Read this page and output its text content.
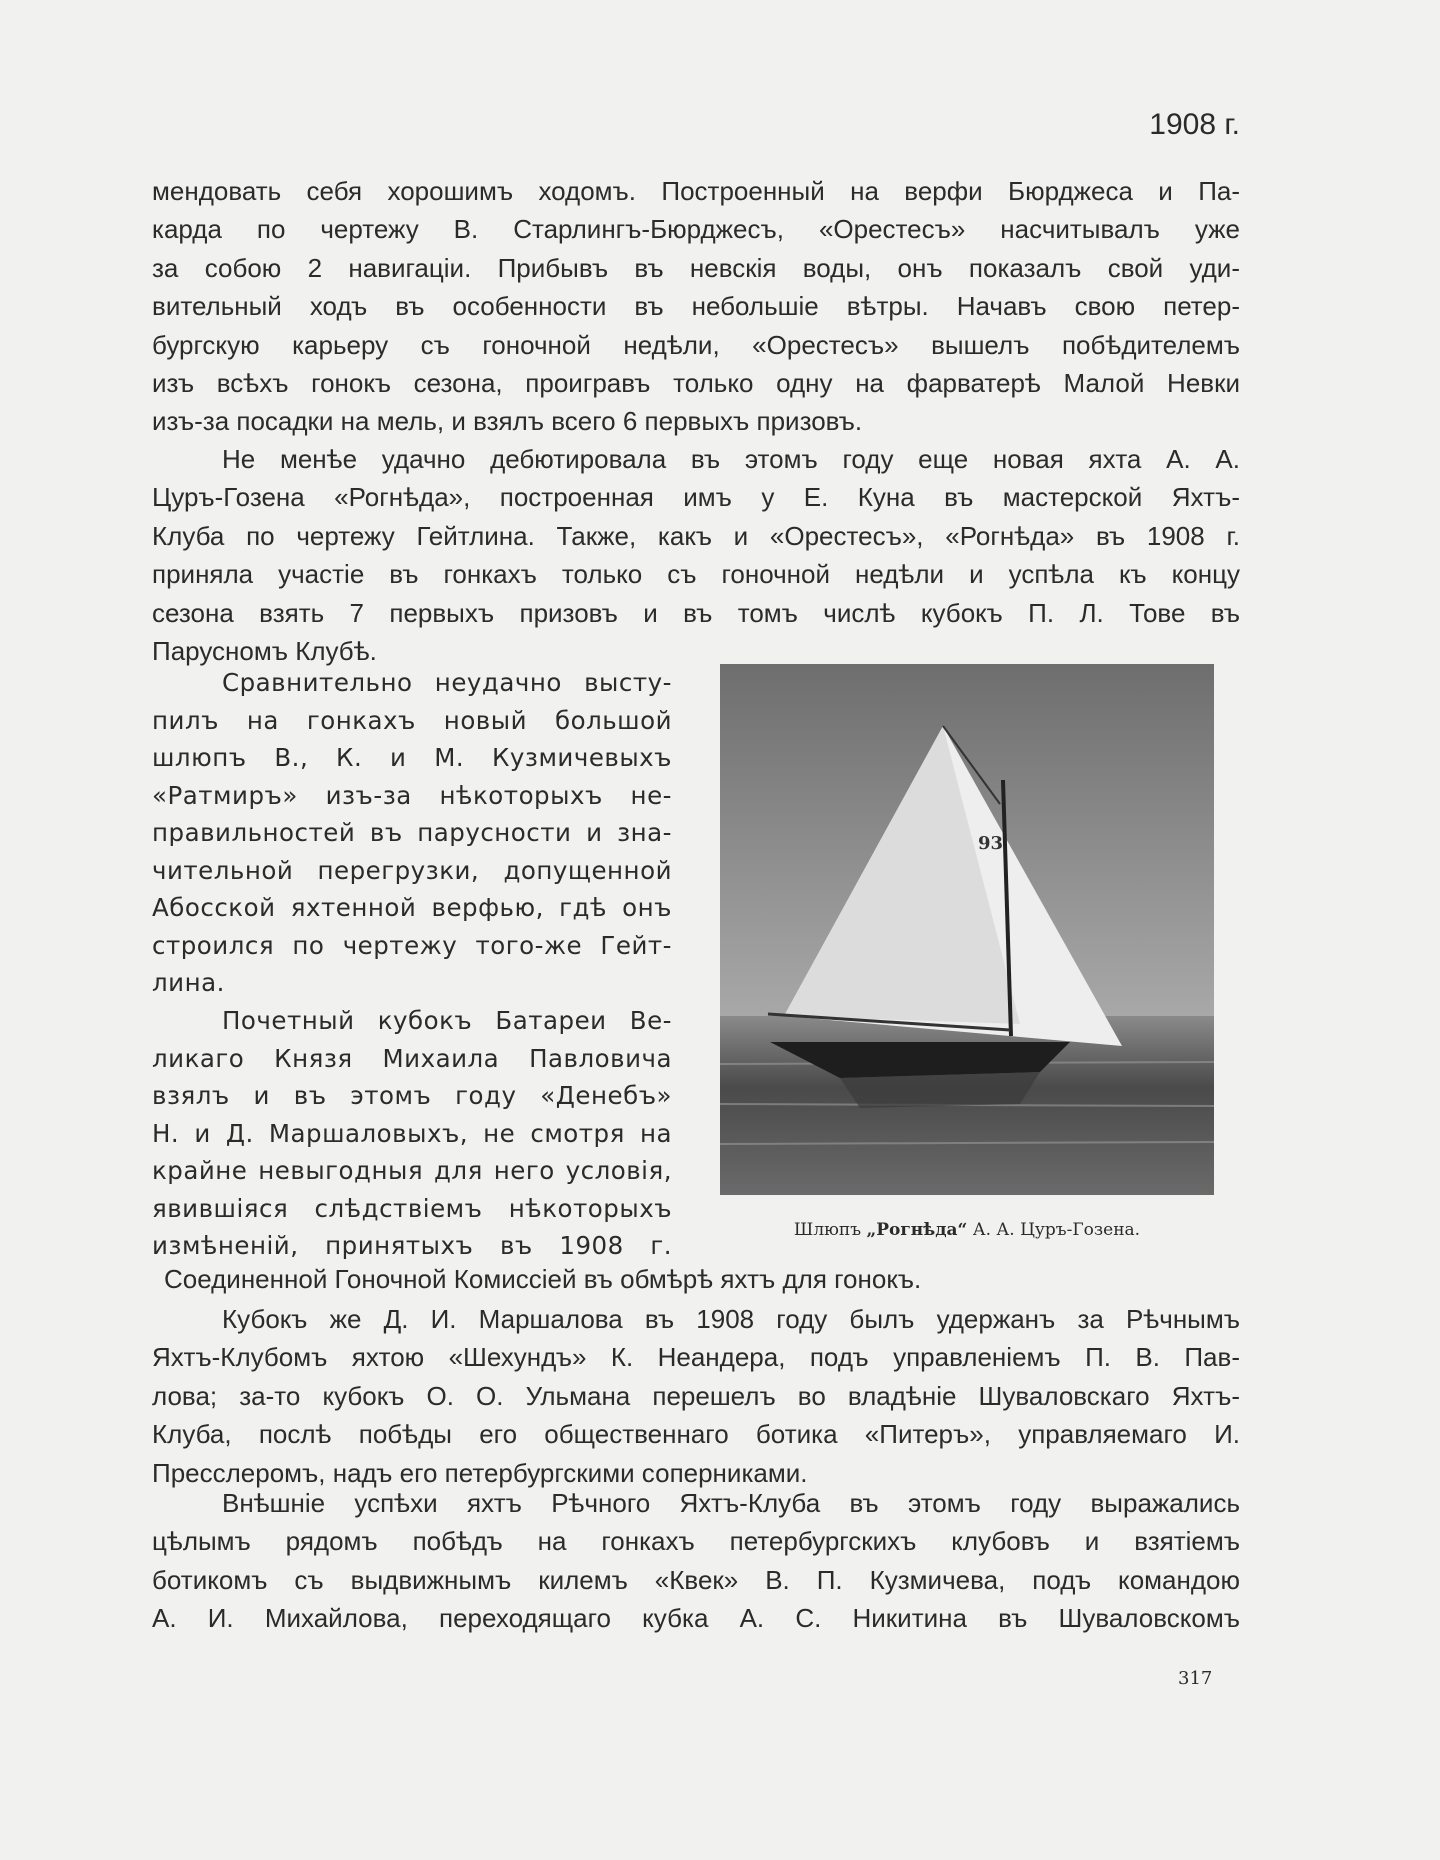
1908 г.
мендовать себя хорошимъ ходомъ. Построенный на верфи Бюрджеса и Па-
карда по чертежу В. Старлингъ-Бюрджесъ, «Орестесъ» насчитывалъ уже
за собою 2 навигаціи. Прибывъ въ невскія воды, онъ показалъ свой уди-
вительный ходъ въ особенности въ небольшіе вѣтры. Начавъ свою петер-
бургскую карьеру съ гоночной недѣли, «Орестесъ» вышелъ побѣдителемъ
изъ всѣхъ гонокъ сезона, проигравъ только одну на фарватерѣ Малой Невки
изъ-за посадки на мель, и взялъ всего 6 первыхъ призовъ.
Не менѣе удачно дебютировала въ этомъ году еще новая яхта А. А.
Цуръ-Гозена «Рогнѣда», построенная имъ у Е. Куна въ мастерской Яхтъ-
Клуба по чертежу Гейтлина. Также, какъ и «Орестесъ», «Рогнѣда» въ 1908 г.
приняла участіе въ гонкахъ только съ гоночной недѣли и успѣла къ концу
сезона взять 7 первыхъ призовъ и въ томъ числѣ кубокъ П. Л. Тове въ
Парусномъ Клубѣ.
Сравнительно неудачно высту-
пилъ на гонкахъ новый большой
шлюпъ В., К. и М. Кузмичевыхъ
«Ратмиръ» изъ-за нѣкоторыхъ не-
правильностей въ парусности и зна-
чительной перегрузки, допущенной
Абосской яхтенной верфью, гдѣ онъ
строился по чертежу того-же Гейт-
лина.
Почетный кубокъ Батареи Ве-
ликаго Князя Михаила Павловича
взялъ и въ этомъ году «Денебъ»
Н. и Д. Маршаловыхъ, не смотря на
крайне невыгодныя для него условія,
явившіяся слѣдствіемъ нѣкоторыхъ
измѣненій, принятыхъ въ 1908 г.
Соединенной Гоночной Комиссіей въ обмѣрѣ яхтъ для гонокъ.
Кубокъ же Д. И. Маршалова въ 1908 году былъ удержанъ за Рѣчнымъ
Яхтъ-Клубомъ яхтою «Шехундъ» К. Неандера, подъ управленіемъ П. В. Пав-
лова; за-то кубокъ О. О. Ульмана перешелъ во владѣніе Шуваловскаго Яхтъ-
Клуба, послѣ побѣды его общественнаго ботика «Питеръ», управляемаго И.
Пресслеромъ, надъ его петербургскими соперниками.
Внѣшніе успѣхи яхтъ Рѣчного Яхтъ-Клуба въ этомъ году выражались
цѣлымъ рядомъ побѣдъ на гонкахъ петербургскихъ клубовъ и взятіемъ
ботикомъ съ выдвижнымъ килемъ «Квек» В. П. Кузмичева, подъ командою
А. И. Михайлова, переходящаго кубка А. С. Никитина въ Шуваловскомъ
93
Шлюпъ „Рогнѣда“ А. А. Цуръ-Гозена.
317
